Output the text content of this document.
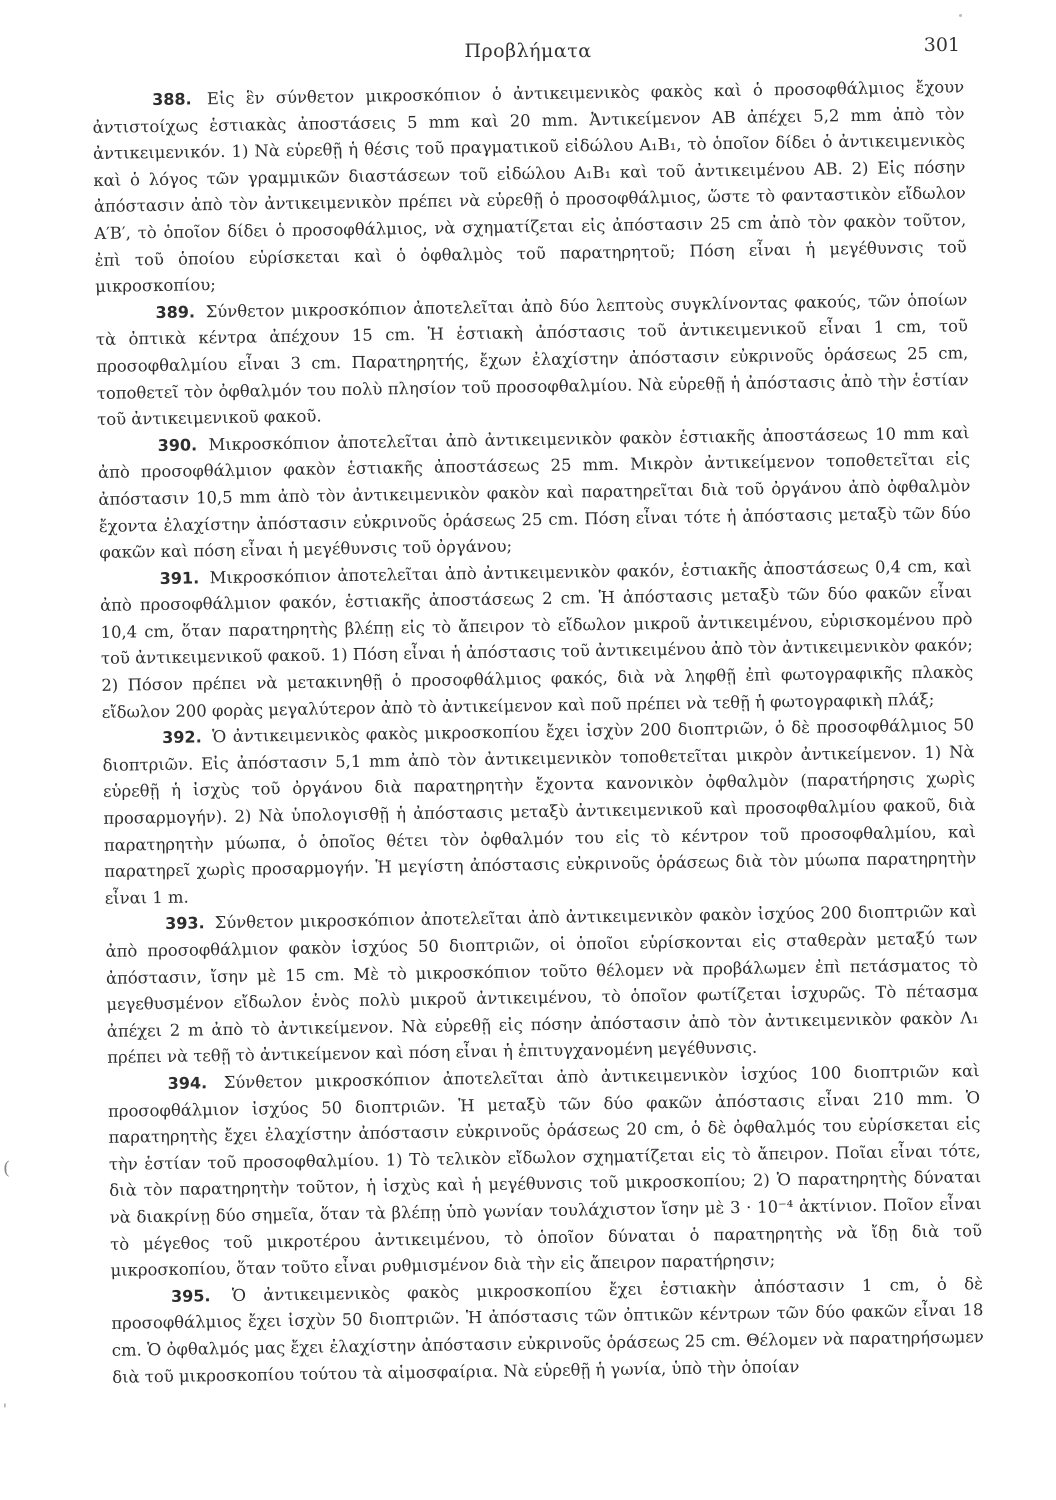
Προβλήματα	301

388. Εἰς ἓν σύνθετον μικροσκόπιον ὁ ἀντικειμενικὸς φακὸς καὶ ὁ προσοφθάλμιος ἔχουν ἀντιστοίχως ἑστιακὰς ἀποστάσεις 5 mm καὶ 20 mm. Ἀντικείμενον ΑΒ ἀπέχει 5,2 mm ἀπὸ τὸν ἀντικειμενικόν. 1) Νὰ εὑρεθῇ ἡ θέσις τοῦ πραγματικοῦ εἰδώλου Α₁Β₁, τὸ ὁποῖον δίδει ὁ ἀντικειμενικὸς καὶ ὁ λόγος τῶν γραμμικῶν διαστάσεων τοῦ εἰδώλου Α₁Β₁ καὶ τοῦ ἀντικειμένου ΑΒ. 2) Εἰς πόσην ἀπόστασιν ἀπὸ τὸν ἀντικειμενικὸν πρέπει νὰ εὑρεθῇ ὁ προσοφθάλμιος, ὥστε τὸ φανταστικὸν εἴδωλον Α′Β′, τὸ ὁποῖον δίδει ὁ προσοφθάλμιος, νὰ σχηματίζεται εἰς ἀπόστασιν 25 cm ἀπὸ τὸν φακὸν τοῦτον, ἐπὶ τοῦ ὁποίου εὑρίσκεται καὶ ὁ ὀφθαλμὸς τοῦ παρατηρητοῦ; Πόση εἶναι ἡ μεγέθυνσις τοῦ μικροσκοπίου;

389. Σύνθετον μικροσκόπιον ἀποτελεῖται ἀπὸ δύο λεπτοὺς συγκλίνοντας φακούς, τῶν ὁποίων τὰ ὀπτικὰ κέντρα ἀπέχουν 15 cm. Ἡ ἑστιακὴ ἀπόστασις τοῦ ἀντικειμενικοῦ εἶναι 1 cm, τοῦ προσοφθαλμίου εἶναι 3 cm. Παρατηρητής, ἔχων ἐλαχίστην ἀπόστασιν εὐκρινοῦς ὁράσεως 25 cm, τοποθετεῖ τὸν ὀφθαλμόν του πολὺ πλησίον τοῦ προσοφθαλμίου. Νὰ εὑρεθῇ ἡ ἀπόστασις ἀπὸ τὴν ἑστίαν τοῦ ἀντικειμενικοῦ φακοῦ.

390. Μικροσκόπιον ἀποτελεῖται ἀπὸ ἀντικειμενικὸν φακὸν ἑστιακῆς ἀποστάσεως 10 mm καὶ ἀπὸ προσοφθάλμιον φακὸν ἑστιακῆς ἀποστάσεως 25 mm. Μικρὸν ἀντικείμενον τοποθετεῖται εἰς ἀπόστασιν 10,5 mm ἀπὸ τὸν ἀντικειμενικὸν φακὸν καὶ παρατηρεῖται διὰ τοῦ ὀργάνου ἀπὸ ὀφθαλμὸν ἔχοντα ἐλαχίστην ἀπόστασιν εὐκρινοῦς ὁράσεως 25 cm. Πόση εἶναι τότε ἡ ἀπόστασις μεταξὺ τῶν δύο φακῶν καὶ πόση εἶναι ἡ μεγέθυνσις τοῦ ὀργάνου;

391. Μικροσκόπιον ἀποτελεῖται ἀπὸ ἀντικειμενικὸν φακόν, ἑστιακῆς ἀποστάσεως 0,4 cm, καὶ ἀπὸ προσοφθάλμιον φακόν, ἑστιακῆς ἀποστάσεως 2 cm. Ἡ ἀπόστασις μεταξὺ τῶν δύο φακῶν εἶναι 10,4 cm, ὅταν παρατηρητὴς βλέπῃ εἰς τὸ ἄπειρον τὸ εἴδωλον μικροῦ ἀντικειμένου, εὑρισκομένου πρὸ τοῦ ἀντικειμενικοῦ φακοῦ. 1) Πόση εἶναι ἡ ἀπόστασις τοῦ ἀντικειμένου ἀπὸ τὸν ἀντικειμενικὸν φακόν; 2) Πόσον πρέπει νὰ μετακινηθῇ ὁ προσοφθάλμιος φακός, διὰ νὰ ληφθῇ ἐπὶ φωτογραφικῆς πλακὸς εἴδωλον 200 φορὰς μεγαλύτερον ἀπὸ τὸ ἀντικείμενον καὶ ποῦ πρέπει νὰ τεθῇ ἡ φωτογραφικὴ πλάξ;

392. Ὁ ἀντικειμενικὸς φακὸς μικροσκοπίου ἔχει ἰσχὺν 200 διοπτριῶν, ὁ δὲ προσοφθάλμιος 50 διοπτριῶν. Εἰς ἀπόστασιν 5,1 mm ἀπὸ τὸν ἀντικειμενικὸν τοποθετεῖται μικρὸν ἀντικείμενον. 1) Νὰ εὑρεθῇ ἡ ἰσχὺς τοῦ ὀργάνου διὰ παρατηρητὴν ἔχοντα κανονικὸν ὀφθαλμὸν (παρατήρησις χωρὶς προσαρμογήν). 2) Νὰ ὑπολογισθῇ ἡ ἀπόστασις μεταξὺ ἀντικειμενικοῦ καὶ προσοφθαλμίου φακοῦ, διὰ παρατηρητὴν μύωπα, ὁ ὁποῖος θέτει τὸν ὀφθαλμόν του εἰς τὸ κέντρον τοῦ προσοφθαλμίου, καὶ παρατηρεῖ χωρὶς προσαρμογήν. Ἡ μεγίστη ἀπόστασις εὐκρινοῦς ὁράσεως διὰ τὸν μύωπα παρατηρητὴν εἶναι 1 m.

393. Σύνθετον μικροσκόπιον ἀποτελεῖται ἀπὸ ἀντικειμενικὸν φακὸν ἰσχύος 200 διοπτριῶν καὶ ἀπὸ προσοφθάλμιον φακὸν ἰσχύος 50 διοπτριῶν, οἱ ὁποῖοι εὑρίσκονται εἰς σταθερὰν μεταξύ των ἀπόστασιν, ἴσην μὲ 15 cm. Μὲ τὸ μικροσκόπιον τοῦτο θέλομεν νὰ προβάλωμεν ἐπὶ πετάσματος τὸ μεγεθυσμένον εἴδωλον ἑνὸς πολὺ μικροῦ ἀντικειμένου, τὸ ὁποῖον φωτίζεται ἰσχυρῶς. Τὸ πέτασμα ἀπέχει 2 m ἀπὸ τὸ ἀντικείμενον. Νὰ εὑρεθῇ εἰς πόσην ἀπόστασιν ἀπὸ τὸν ἀντικειμενικὸν φακὸν Λ₁ πρέπει νὰ τεθῇ τὸ ἀντικείμενον καὶ πόση εἶναι ἡ ἐπιτυγχανομένη μεγέθυνσις.

394. Σύνθετον μικροσκόπιον ἀποτελεῖται ἀπὸ ἀντικειμενικὸν ἰσχύος 100 διοπτριῶν καὶ προσοφθάλμιον ἰσχύος 50 διοπτριῶν. Ἡ μεταξὺ τῶν δύο φακῶν ἀπόστασις εἶναι 210 mm. Ὁ παρατηρητὴς ἔχει ἐλαχίστην ἀπόστασιν εὐκρινοῦς ὁράσεως 20 cm, ὁ δὲ ὀφθαλμός του εὑρίσκεται εἰς τὴν ἑστίαν τοῦ προσοφθαλμίου. 1) Τὸ τελικὸν εἴδωλον σχηματίζεται εἰς τὸ ἄπειρον. Ποῖαι εἶναι τότε, διὰ τὸν παρατηρητὴν τοῦτον, ἡ ἰσχὺς καὶ ἡ μεγέθυνσις τοῦ μικροσκοπίου; 2) Ὁ παρατηρητὴς δύναται νὰ διακρίνῃ δύο σημεῖα, ὅταν τὰ βλέπῃ ὑπὸ γωνίαν τουλάχιστον ἴσην μὲ 3 · 10⁻⁴ ἀκτίνιον. Ποῖον εἶναι τὸ μέγεθος τοῦ μικροτέρου ἀντικειμένου, τὸ ὁποῖον δύναται ὁ παρατηρητὴς νὰ ἴδῃ διὰ τοῦ μικροσκοπίου, ὅταν τοῦτο εἶναι ρυθμισμένον διὰ τὴν εἰς ἄπειρον παρατήρησιν;

395. Ὁ ἀντικειμενικὸς φακὸς μικροσκοπίου ἔχει ἑστιακὴν ἀπόστασιν 1 cm, ὁ δὲ προσοφθάλμιος ἔχει ἰσχὺν 50 διοπτριῶν. Ἡ ἀπόστασις τῶν ὀπτικῶν κέντρων τῶν δύο φακῶν εἶναι 18 cm. Ὁ ὀφθαλμός μας ἔχει ἐλαχίστην ἀπόστασιν εὐκρινοῦς ὁράσεως 25 cm. Θέλομεν νὰ παρατηρήσωμεν διὰ τοῦ μικροσκοπίου τούτου τὰ αἱμοσφαίρια. Νὰ εὑρεθῇ ἡ γωνία, ὑπὸ τὴν ὁποίαν

(
'
